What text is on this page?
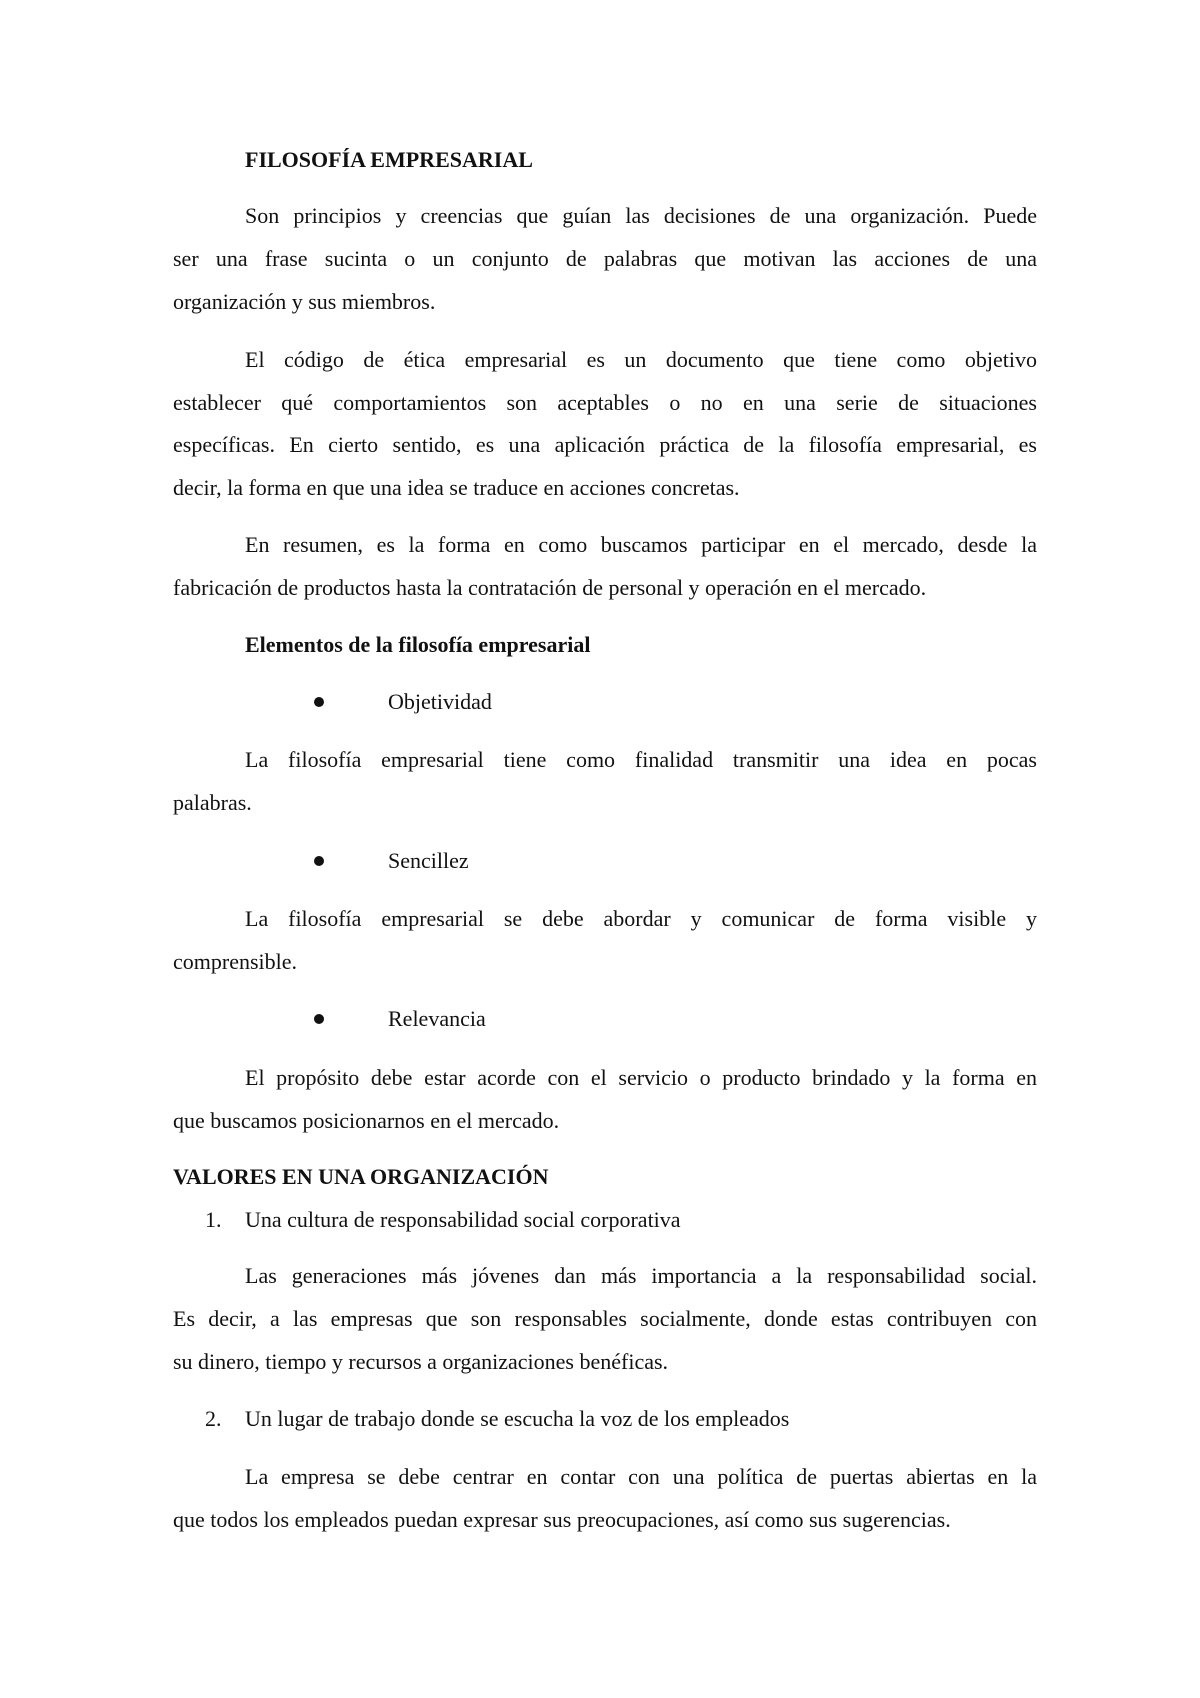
FILOSOFÍA EMPRESARIAL
Son principios y creencias que guían las decisiones de una organización. Puede
ser una frase sucinta o un conjunto de palabras que motivan las acciones de una
organización y sus miembros.
El código de ética empresarial es un documento que tiene como objetivo
establecer qué comportamientos son aceptables o no en una serie de situaciones
específicas. En cierto sentido, es una aplicación práctica de la filosofía empresarial, es
decir, la forma en que una idea se traduce en acciones concretas.
En resumen, es la forma en como buscamos participar en el mercado, desde la
fabricación de productos hasta la contratación de personal y operación en el mercado.
Elementos de la filosofía empresarial
Objetividad
La filosofía empresarial tiene como finalidad transmitir una idea en pocas
palabras.
Sencillez
La filosofía empresarial se debe abordar y comunicar de forma visible y
comprensible.
Relevancia
El propósito debe estar acorde con el servicio o producto brindado y la forma en
que buscamos posicionarnos en el mercado.
VALORES EN UNA ORGANIZACIÓN
1. Una cultura de responsabilidad social corporativa
Las generaciones más jóvenes dan más importancia a la responsabilidad social.
Es decir, a las empresas que son responsables socialmente, donde estas contribuyen con
su dinero, tiempo y recursos a organizaciones benéficas.
2. Un lugar de trabajo donde se escucha la voz de los empleados
La empresa se debe centrar en contar con una política de puertas abiertas en la
que todos los empleados puedan expresar sus preocupaciones, así como sus sugerencias.
